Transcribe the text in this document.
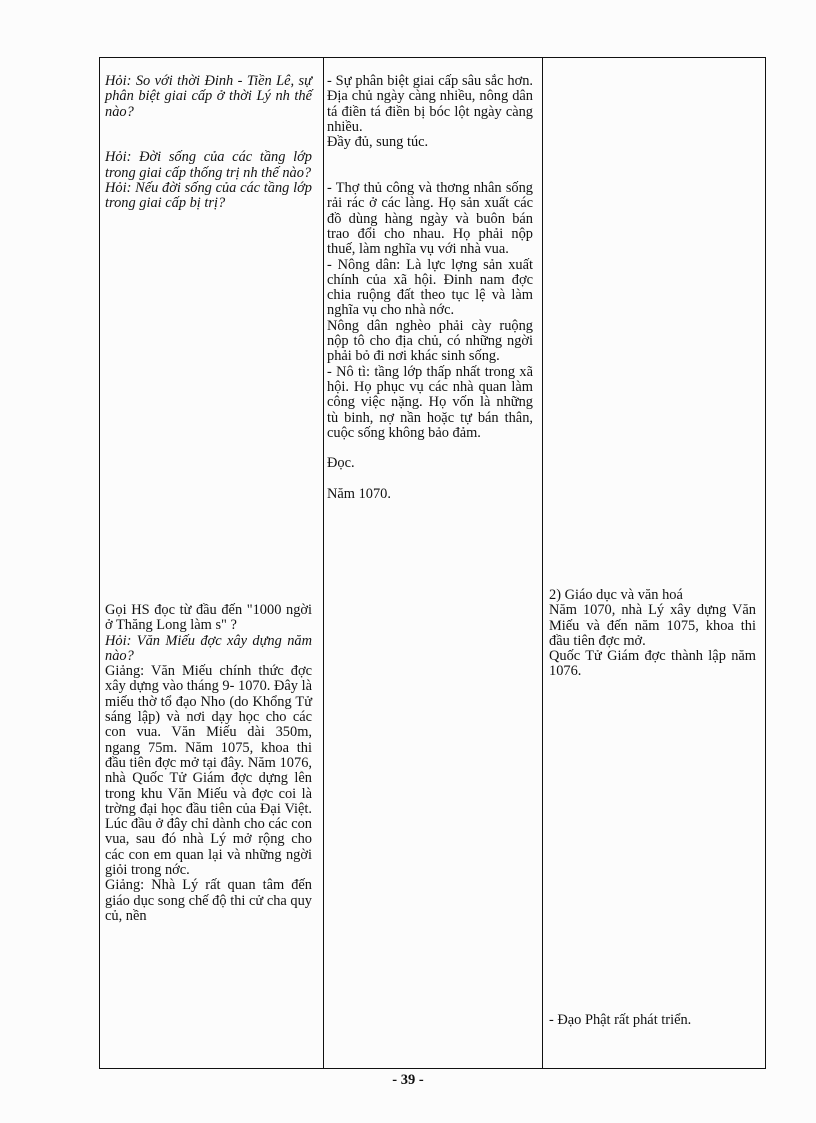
Hỏi: So với thời Đinh - Tiền Lê, sự phân biệt giai cấp ở thời Lý nh thế nào?

Hỏi: Đời sống của các tầng lớp trong giai cấp thống trị nh thế nào?

Hỏi: Nếu đời sống của các tầng lớp trong giai cấp bị trị?

Gọi HS đọc từ đầu đến "1000 ngời ở Thăng Long làm s" ?

Hỏi: Văn Miếu đợc xây dựng năm nào?

Giảng: Văn Miếu chính thức đợc xây dựng vào tháng 9- 1070. Đây là miếu thờ tổ đạo Nho (do Khổng Tử sáng lập) và nơi dạy học cho các con vua. Văn Miếu dài 350m, ngang 75m. Năm 1075, khoa thi đầu tiên đợc mở tại đây. Năm 1076, nhà Quốc Tử Giám đợc dựng lên trong khu Văn Miếu và đợc coi là trờng đại học đầu tiên của Đại Việt. Lúc đầu ở đây chỉ dành cho các con vua, sau đó nhà Lý mở rộng cho các con em quan lại và những ngời giỏi trong nớc.

Giảng: Nhà Lý rất quan tâm đến giáo dục song chế độ thi cử cha quy củ, nền

- Sự phân biệt giai cấp sâu sắc hơn. Địa chủ ngày càng nhiều, nông dân tá điền tá điền bị bóc lột ngày càng nhiều.

Đầy đủ, sung túc.

- Thợ thủ công và thơng nhân sống rải rác ở các làng. Họ sản xuất các đồ dùng hàng ngày và buôn bán trao đổi cho nhau. Họ phải nộp thuế, làm nghĩa vụ với nhà vua.

- Nông dân: Là lực lợng sản xuất chính của xã hội. Đinh nam đợc chia ruộng đất theo tục lệ và làm nghĩa vụ cho nhà nớc.

Nông dân nghèo phải cày ruộng nộp tô cho địa chủ, có những ngời phải bỏ đi nơi khác sinh sống.

- Nô tì: tầng lớp thấp nhất trong xã hội. Họ phục vụ các nhà quan làm công việc nặng. Họ vốn là những tù binh, nợ nần hoặc tự bán thân, cuộc sống không bảo đảm.

Đọc.

Năm 1070.

2) Giáo dục và văn hoá

Năm 1070, nhà Lý xây dựng Văn Miếu và đến năm 1075, khoa thi đầu tiên đợc mở.

Quốc Tử Giám đợc thành lập năm 1076.

- Đạo Phật rất phát triển.

- 39 -
